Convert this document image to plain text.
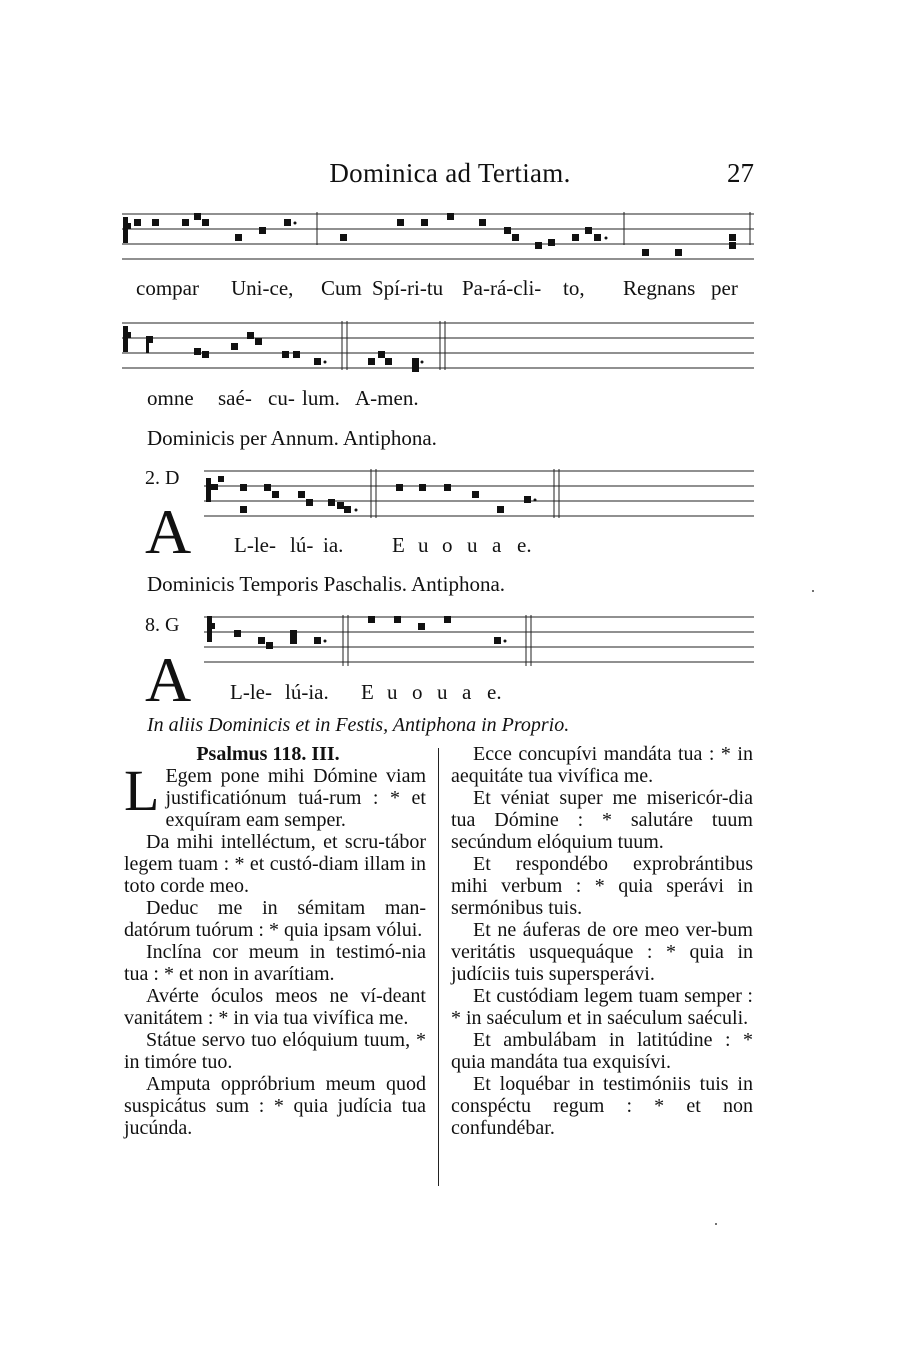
Dominica ad Tertiam.	27
compar Uni-ce, Cum Spí-ri-tu Pa-rá-cli- to, Regnans per
omne saé- cu- lum. A-men.
Dominicis per Annum. Antiphona.
2. D
A L-le- lú- ia. E u o u a e.
Dominicis Temporis Paschalis. Antiphona.
8. G
A L-le- lú-ia. E u o u a e.
In aliis Dominicis et in Festis, Antiphona in Proprio.
Psalmus 118. III.

L Egem pone mihi Dómine viam justificatiónum tuá-rum : * et exquíram eam semper.

Da mihi intelléctum, et scru-tábor legem tuam : * et custó-diam illam in toto corde meo.

Deduc me in sémitam man-datórum tuórum : * quia ipsam vólui.

Inclína cor meum in testimó-nia tua : * et non in avarítiam.

Avérte óculos meos ne ví-deant vanitátem : * in via tua vivífica me.

Státue servo tuo elóquium tuum, * in timóre tuo.

Amputa oppróbrium meum quod suspicátus sum : * quia judícia tua jucúnda.

Ecce concupívi mandáta tua : * in aequitáte tua vivífica me.

Et véniat super me misericór-dia tua Dómine : * salutáre tuum secúndum elóquium tuum.

Et respondébo exprobrántibus mihi verbum : * quia sperávi in sermónibus tuis.

Et ne áuferas de ore meo ver-bum veritátis usquequáque : * quia in judíciis tuis supersperávi.

Et custódiam legem tuam semper : * in saéculum et in saéculum saéculi.

Et ambulábam in latitúdine : * quia mandáta tua exquisívi.

Et loquébar in testimóniis tuis in conspéctu regum : * et non confundébar.
